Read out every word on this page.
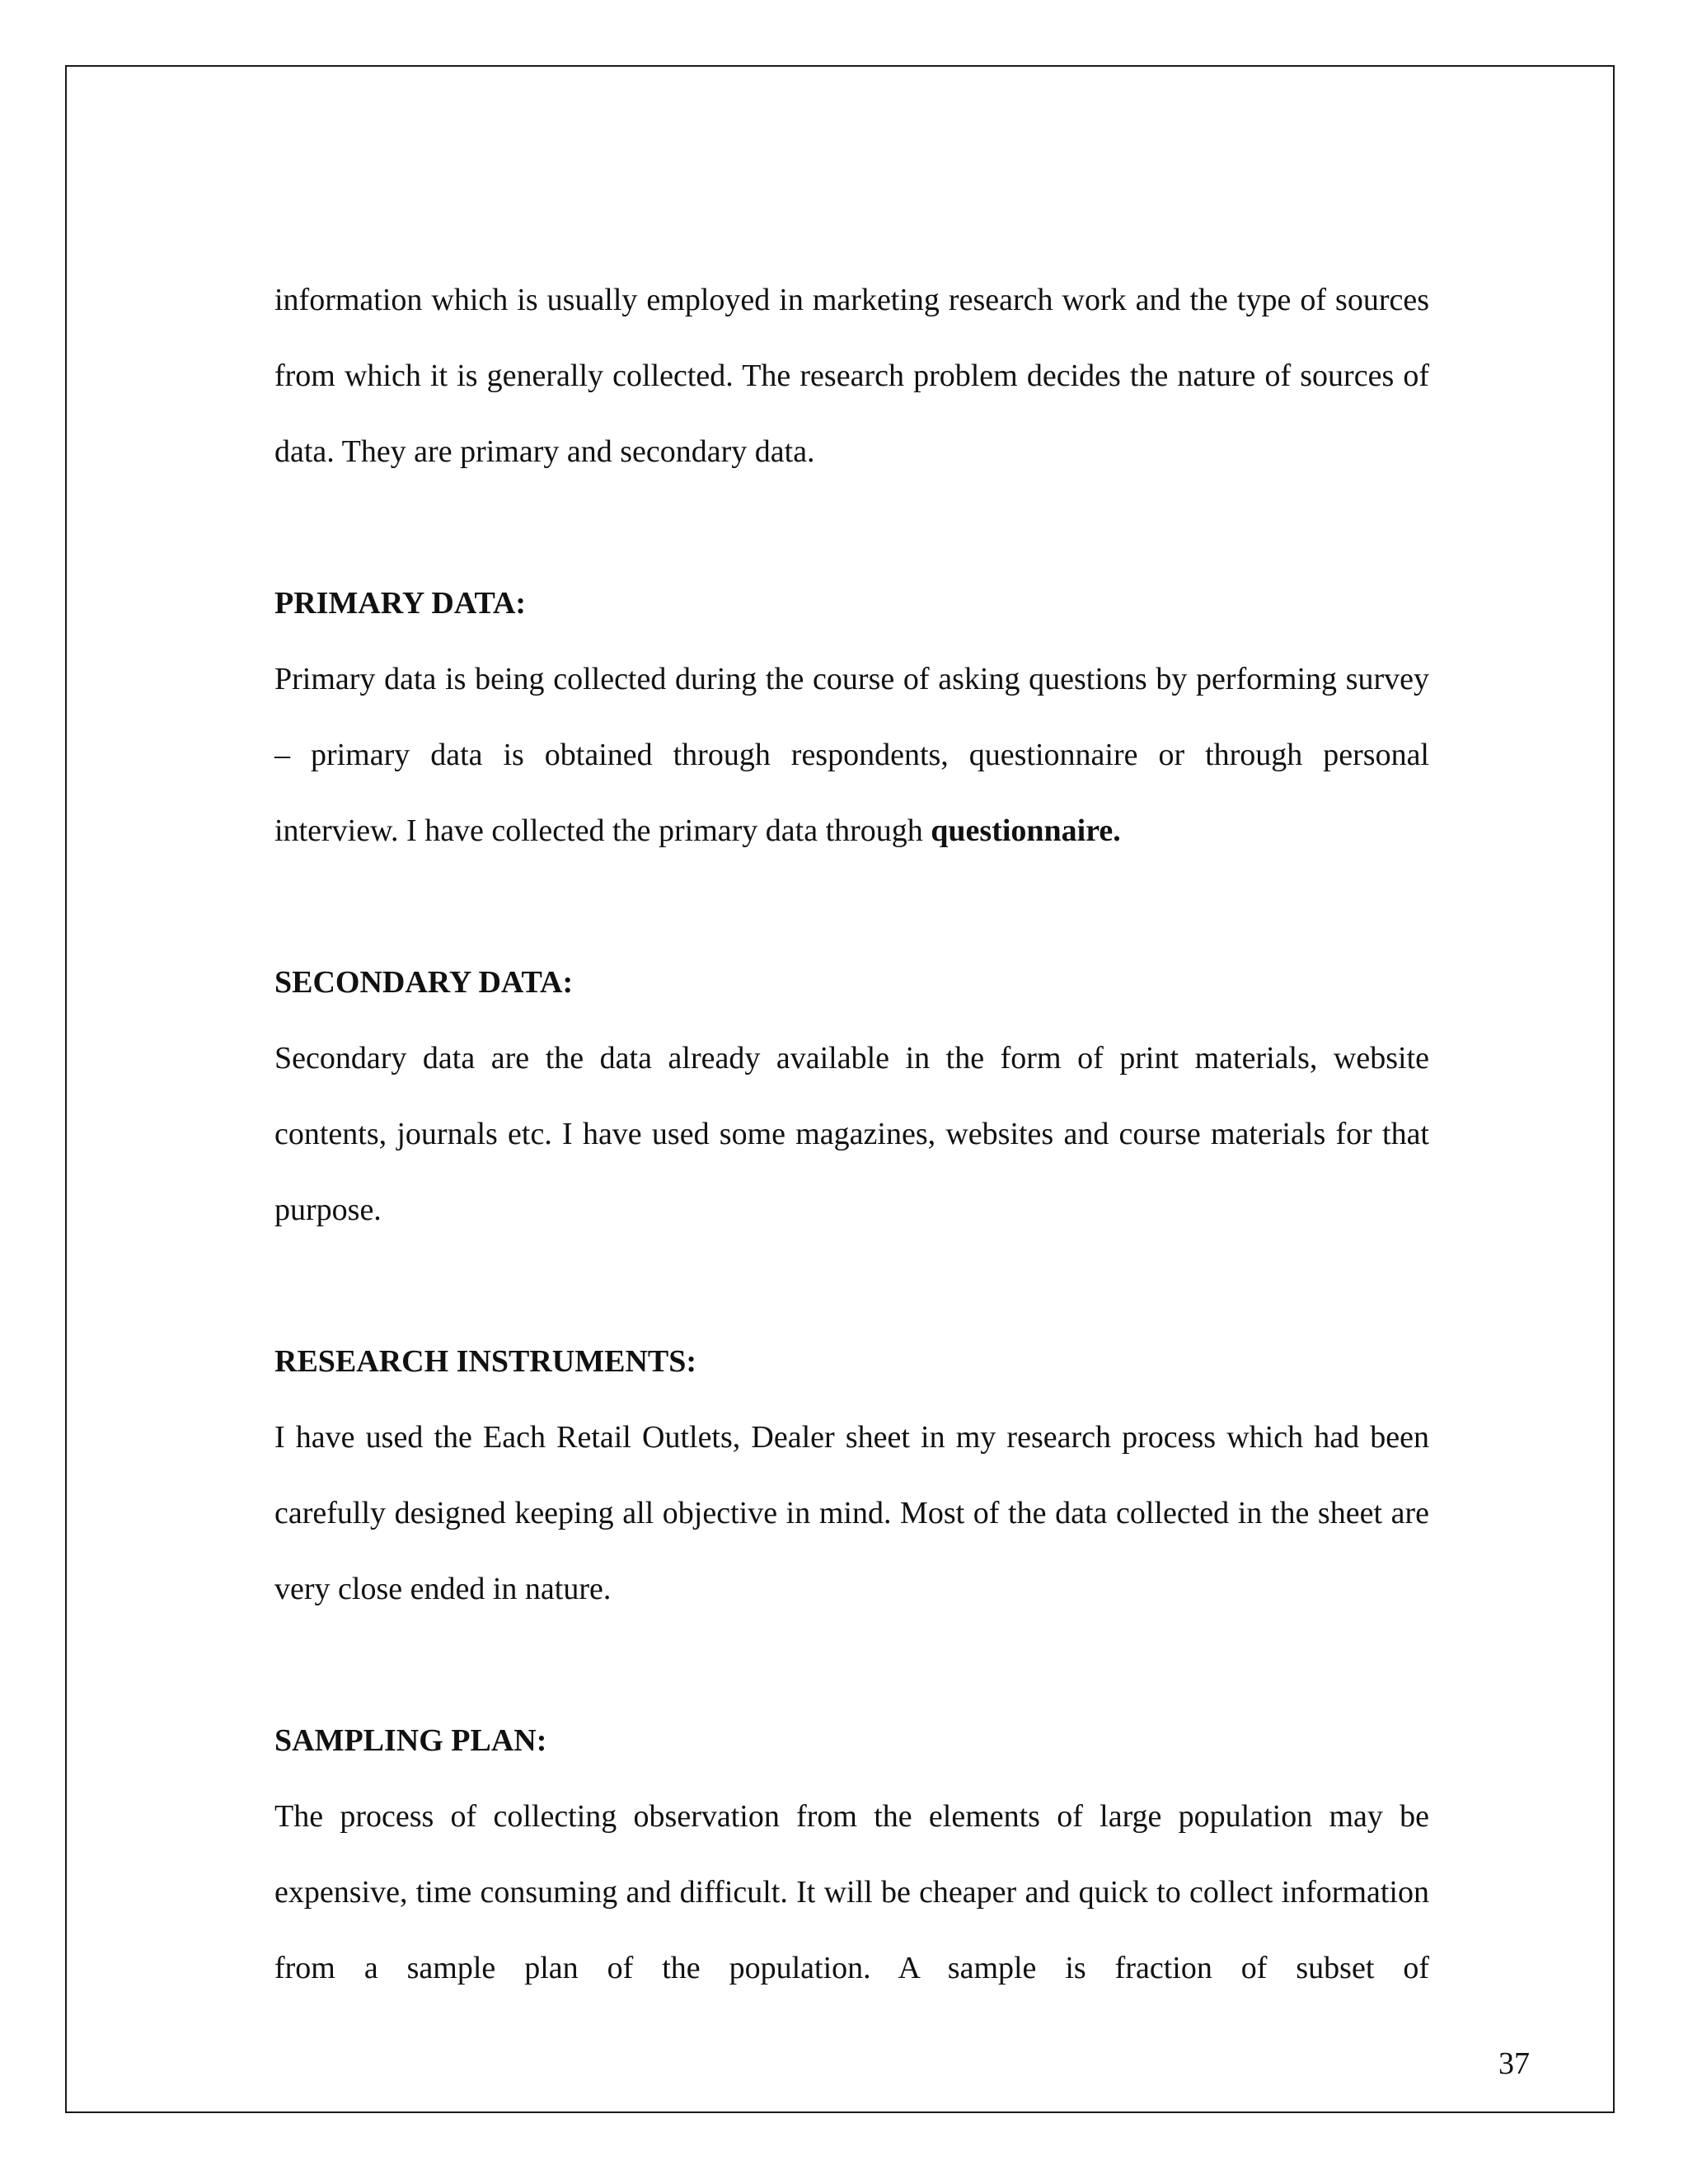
information which is usually employed in marketing research work and the type of sources from which it is generally collected. The research problem decides the nature of sources of data. They are primary and secondary data.

PRIMARY DATA:

Primary data is being collected during the course of asking questions by performing survey – primary data is obtained through respondents, questionnaire or through personal interview. I have collected the primary data through questionnaire.

SECONDARY DATA:

Secondary data are the data already available in the form of print materials, website contents, journals etc. I have used some magazines, websites and course materials for that purpose.

RESEARCH INSTRUMENTS:

I have used the Each Retail Outlets, Dealer sheet in my research process which had been carefully designed keeping all objective in mind. Most of the data collected in the sheet are very close ended in nature.

SAMPLING PLAN:

The process of collecting observation from the elements of large population may be expensive, time consuming and difficult. It will be cheaper and quick to collect information from a sample plan of the population. A sample is fraction of subset of

37
